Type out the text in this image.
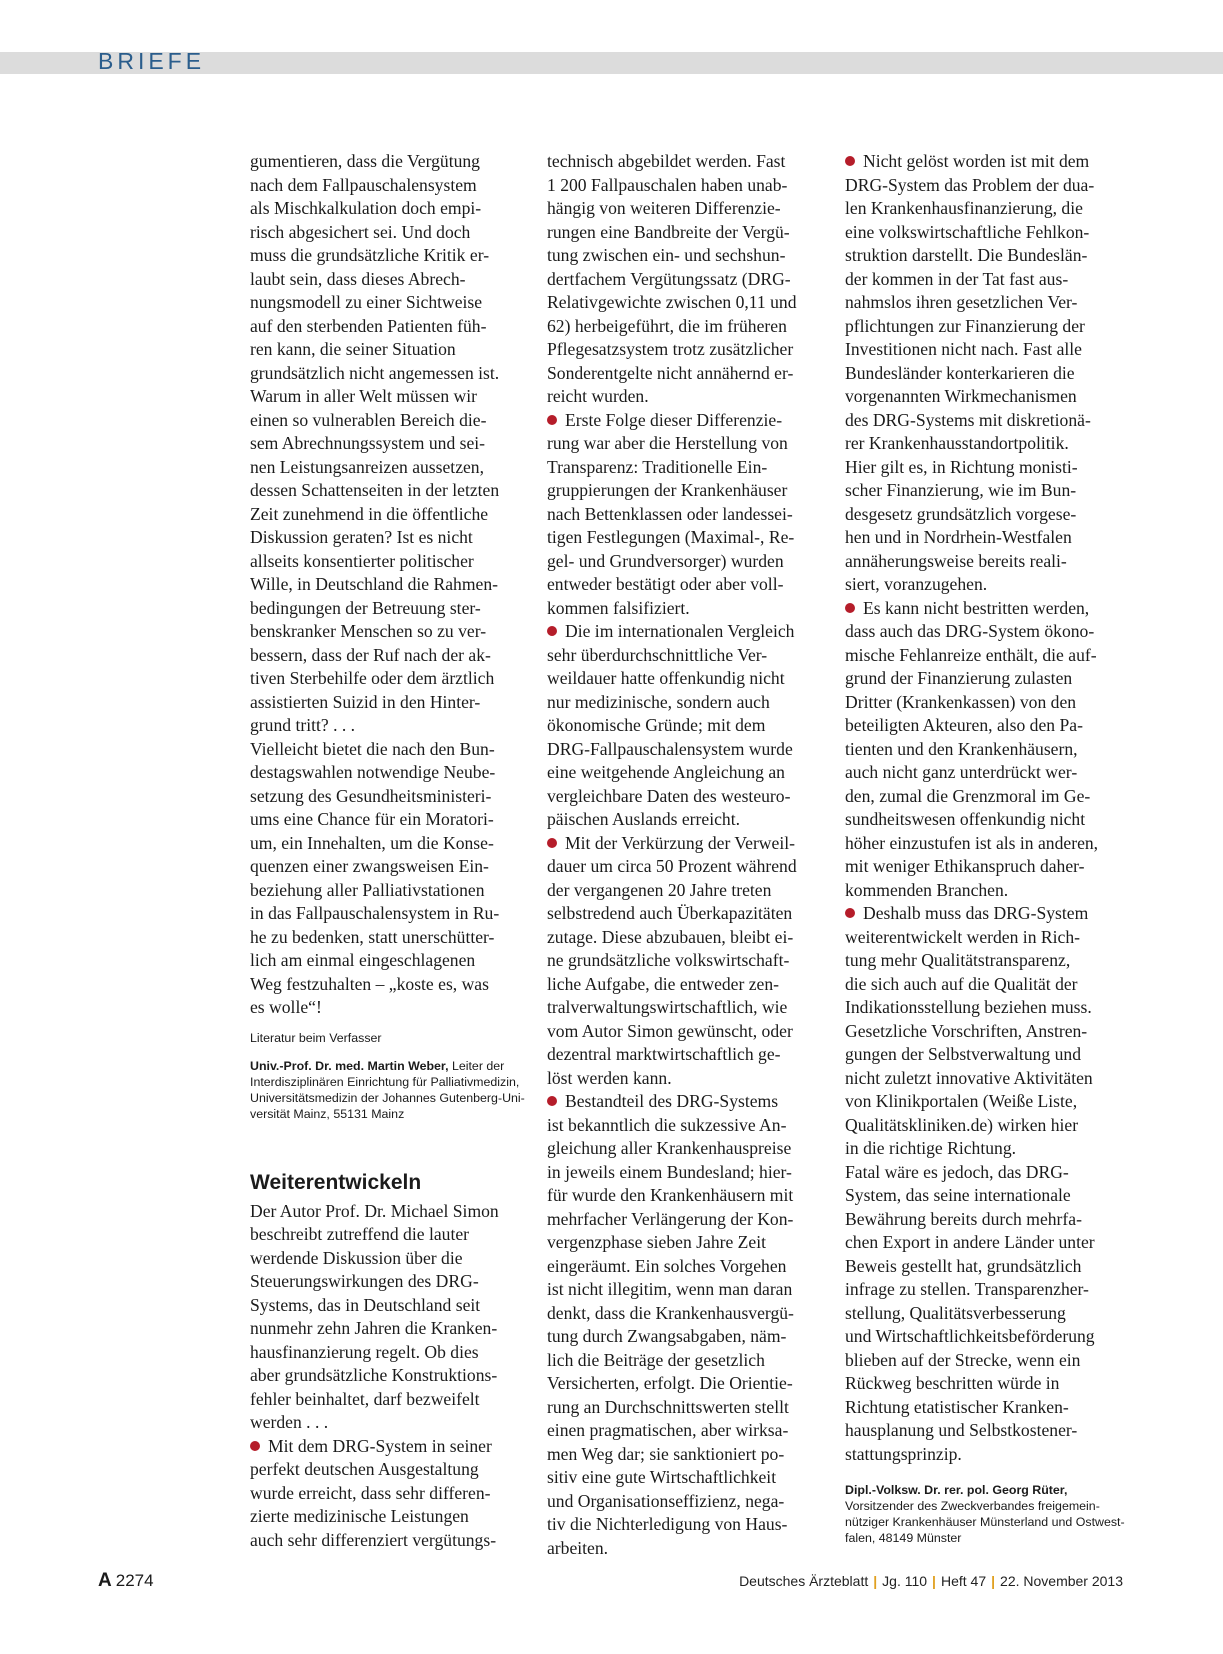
BRIEFE

gumentieren, dass die Vergütung
nach dem Fallpauschalensystem
als Mischkalkulation doch empi-
risch abgesichert sei. Und doch
muss die grundsätzliche Kritik er-
laubt sein, dass dieses Abrech-
nungsmodell zu einer Sichtweise
auf den sterbenden Patienten füh-
ren kann, die seiner Situation
grundsätzlich nicht angemessen ist.
Warum in aller Welt müssen wir
einen so vulnerablen Bereich die-
sem Abrechnungssystem und sei-
nen Leistungsanreizen aussetzen,
dessen Schattenseiten in der letzten
Zeit zunehmend in die öffentliche
Diskussion geraten? Ist es nicht
allseits konsentierter politischer
Wille, in Deutschland die Rahmen-
bedingungen der Betreuung ster-
benskranker Menschen so zu ver-
bessern, dass der Ruf nach der ak-
tiven Sterbehilfe oder dem ärztlich
assistierten Suizid in den Hinter-
grund tritt? . . .

Vielleicht bietet die nach den Bun-
destagswahlen notwendige Neube-
setzung des Gesundheitsministeri-
ums eine Chance für ein Moratori-
um, ein Innehalten, um die Konse-
quenzen einer zwangsweisen Ein-
beziehung aller Palliativstationen
in das Fallpauschalensystem in Ru-
he zu bedenken, statt unerschütter-
lich am einmal eingeschlagenen
Weg festzuhalten – „koste es, was
es wolle“!

Literatur beim Verfasser
Univ.-Prof. Dr. med. Martin Weber, Leiter der
Interdisziplinären Einrichtung für Palliativmedizin,
Universitätsmedizin der Johannes Gutenberg-Uni-
versität Mainz, 55131 Mainz
Weiterentwickeln

Der Autor Prof. Dr. Michael Simon
beschreibt zutreffend die lauter
werdende Diskussion über die
Steuerungswirkungen des DRG-
Systems, das in Deutschland seit
nunmehr zehn Jahren die Kranken-
hausfinanzierung regelt. Ob dies
aber grundsätzliche Konstruktions-
fehler beinhaltet, darf bezweifelt
werden . . .

Mit dem DRG-System in seiner
perfekt deutschen Ausgestaltung
wurde erreicht, dass sehr differen-
zierte medizinische Leistungen
auch sehr differenziert vergütungs-

technisch abgebildet werden. Fast
1 200 Fallpauschalen haben unab-
hängig von weiteren Differenzie-
rungen eine Bandbreite der Vergü-
tung zwischen ein- und sechshun-
dertfachem Vergütungssatz (DRG-
Relativgewichte zwischen 0,11 und
62) herbeigeführt, die im früheren
Pflegesatzsystem trotz zusätzlicher
Sonderentgelte nicht annähernd er-
reicht wurden.

Erste Folge dieser Differenzie-
rung war aber die Herstellung von
Transparenz: Traditionelle Ein-
gruppierungen der Krankenhäuser
nach Bettenklassen oder landessei-
tigen Festlegungen (Maximal-, Re-
gel- und Grundversorger) wurden
entweder bestätigt oder aber voll-
kommen falsifiziert.

Die im internationalen Vergleich
sehr überdurchschnittliche Ver-
weildauer hatte offenkundig nicht
nur medizinische, sondern auch
ökonomische Gründe; mit dem
DRG-Fallpauschalensystem wurde
eine weitgehende Angleichung an
vergleichbare Daten des westeuro-
päischen Auslands erreicht.

Mit der Verkürzung der Verweil-
dauer um circa 50 Prozent während
der vergangenen 20 Jahre treten
selbstredend auch Überkapazitäten
zutage. Diese abzubauen, bleibt ei-
ne grundsätzliche volkswirtschaft-
liche Aufgabe, die entweder zen-
tralverwaltungswirtschaftlich, wie
vom Autor Simon gewünscht, oder
dezentral marktwirtschaftlich ge-
löst werden kann.

Bestandteil des DRG-Systems
ist bekanntlich die sukzessive An-
gleichung aller Krankenhauspreise
in jeweils einem Bundesland; hier-
für wurde den Krankenhäusern mit
mehrfacher Verlängerung der Kon-
vergenzphase sieben Jahre Zeit
eingeräumt. Ein solches Vorgehen
ist nicht illegitim, wenn man daran
denkt, dass die Krankenhausvergü-
tung durch Zwangsabgaben, näm-
lich die Beiträge der gesetzlich
Versicherten, erfolgt. Die Orientie-
rung an Durchschnittswerten stellt
einen pragmatischen, aber wirksa-
men Weg dar; sie sanktioniert po-
sitiv eine gute Wirtschaftlichkeit
und Organisationseffizienz, nega-
tiv die Nichterledigung von Haus-
arbeiten.

Nicht gelöst worden ist mit dem
DRG-System das Problem der dua-
len Krankenhausfinanzierung, die
eine volkswirtschaftliche Fehlkon-
struktion darstellt. Die Bundeslän-
der kommen in der Tat fast aus-
nahmslos ihren gesetzlichen Ver-
pflichtungen zur Finanzierung der
Investitionen nicht nach. Fast alle
Bundesländer konterkarieren die
vorgenannten Wirkmechanismen
des DRG-Systems mit diskretionä-
rer Krankenhausstandortpolitik.
Hier gilt es, in Richtung monisti-
scher Finanzierung, wie im Bun-
desgesetz grundsätzlich vorgese-
hen und in Nordrhein-Westfalen
annäherungsweise bereits reali-
siert, voranzugehen.

Es kann nicht bestritten werden,
dass auch das DRG-System ökono-
mische Fehlanreize enthält, die auf-
grund der Finanzierung zulasten
Dritter (Krankenkassen) von den
beteiligten Akteuren, also den Pa-
tienten und den Krankenhäusern,
auch nicht ganz unterdrückt wer-
den, zumal die Grenzmoral im Ge-
sundheitswesen offenkundig nicht
höher einzustufen ist als in anderen,
mit weniger Ethikanspruch daher-
kommenden Branchen.

Deshalb muss das DRG-System
weiterentwickelt werden in Rich-
tung mehr Qualitätstransparenz,
die sich auch auf die Qualität der
Indikationsstellung beziehen muss.
Gesetzliche Vorschriften, Anstren-
gungen der Selbstverwaltung und
nicht zuletzt innovative Aktivitäten
von Klinikportalen (Weiße Liste,
Qualitätskliniken.de) wirken hier
in die richtige Richtung.

Fatal wäre es jedoch, das DRG-
System, das seine internationale
Bewährung bereits durch mehrfa-
chen Export in andere Länder unter
Beweis gestellt hat, grundsätzlich
infrage zu stellen. Transparenzher-
stellung, Qualitätsverbesserung
und Wirtschaftlichkeitsbeförderung
blieben auf der Strecke, wenn ein
Rückweg beschritten würde in
Richtung etatistischer Kranken-
hausplanung und Selbstkostener-
stattungsprinzip.

Dipl.-Volksw. Dr. rer. pol. Georg Rüter,
Vorsitzender des Zweckverbandes freigemein-
nütziger Krankenhäuser Münsterland und Ostwest-
falen, 48149 Münster
A 2274	Deutsches Ärzteblatt | Jg. 110 | Heft 47 | 22. November 2013
